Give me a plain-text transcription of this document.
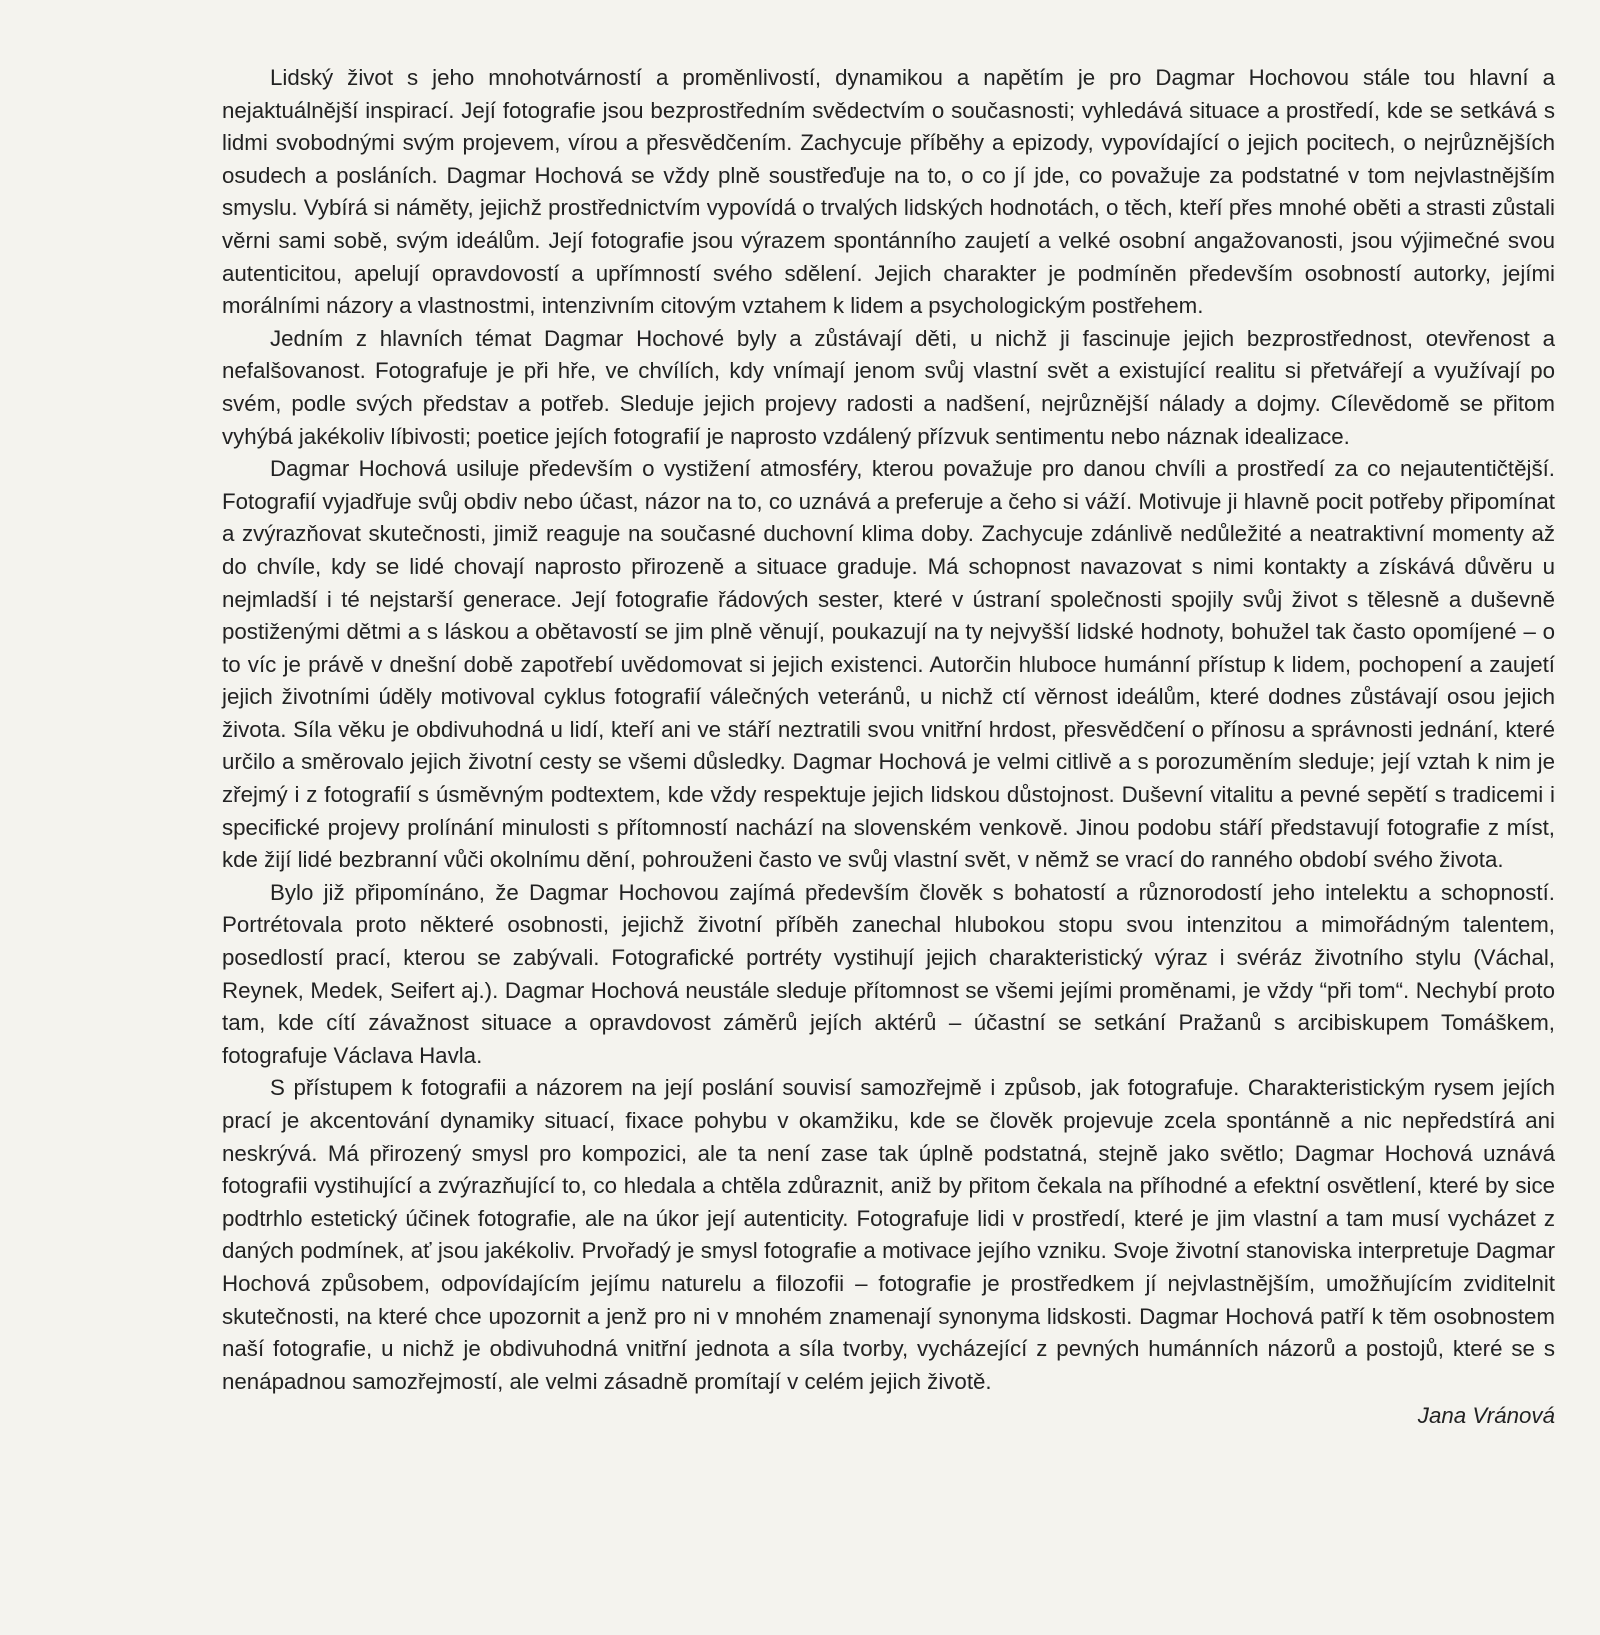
Lidský život s jeho mnohotvárností a proměnlivostí, dynamikou a napětím je pro Dagmar Hochovou stále tou hlavní a nejaktuálnější inspirací. Její fotografie jsou bezprostředním svědectvím o současnosti; vyhledává situace a prostředí, kde se setkává s lidmi svobodnými svým projevem, vírou a přesvědčením. Zachycuje příběhy a epizody, vypovídající o jejich pocitech, o nejrůznějších osudech a posláních. Dagmar Hochová se vždy plně soustřeďuje na to, o co jí jde, co považuje za podstatné v tom nejvlastnějším smyslu. Vybírá si náměty, jejichž prostřednictvím vypovídá o trvalých lidských hodnotách, o těch, kteří přes mnohé oběti a strasti zůstali věrni sami sobě, svým ideálům. Její fotografie jsou výrazem spontánního zaujetí a velké osobní angažovanosti, jsou výjimečné svou autenticitou, apelují opravdovostí a upřímností svého sdělení. Jejich charakter je podmíněn především osobností autorky, jejími morálními názory a vlastnostmi, intenzivním citovým vztahem k lidem a psychologickým postřehem.

Jedním z hlavních témat Dagmar Hochové byly a zůstávají děti, u nichž ji fascinuje jejich bezprostřednost, otevřenost a nefalšovanost. Fotografuje je při hře, ve chvílích, kdy vnímají jenom svůj vlastní svět a existující realitu si přetvářejí a využívají po svém, podle svých představ a potřeb. Sleduje jejich projevy radosti a nadšení, nejrůznější nálady a dojmy. Cílevědomě se přitom vyhýbá jakékoliv líbivosti; poetice jejích fotografií je naprosto vzdálený přízvuk sentimentu nebo náznak idealizace.

Dagmar Hochová usiluje především o vystižení atmosféry, kterou považuje pro danou chvíli a prostředí za co nejautentičtější. Fotografií vyjadřuje svůj obdiv nebo účast, názor na to, co uznává a preferuje a čeho si váží. Motivuje ji hlavně pocit potřeby připomínat a zvýrazňovat skutečnosti, jimiž reaguje na současné duchovní klima doby. Zachycuje zdánlivě nedůležité a neatraktivní momenty až do chvíle, kdy se lidé chovají naprosto přirozeně a situace graduje. Má schopnost navazovat s nimi kontakty a získává důvěru u nejmladší i té nejstarší generace. Její fotografie řádových sester, které v ústraní společnosti spojily svůj život s tělesně a duševně postiženými dětmi a s láskou a obětavostí se jim plně věnují, poukazují na ty nejvyšší lidské hodnoty, bohužel tak často opomíjené – o to víc je právě v dnešní době zapotřebí uvědomovat si jejich existenci. Autorčin hluboce humánní přístup k lidem, pochopení a zaujetí jejich životními úděly motivoval cyklus fotografií válečných veteránů, u nichž ctí věrnost ideálům, které dodnes zůstávají osou jejich života. Síla věku je obdivuhodná u lidí, kteří ani ve stáří neztratili svou vnitřní hrdost, přesvědčení o přínosu a správnosti jednání, které určilo a směrovalo jejich životní cesty se všemi důsledky. Dagmar Hochová je velmi citlivě a s porozuměním sleduje; její vztah k nim je zřejmý i z fotografií s úsměvným podtextem, kde vždy respektuje jejich lidskou důstojnost. Duševní vitalitu a pevné sepětí s tradicemi i specifické projevy prolínání minulosti s přítomností nachází na slovenském venkově. Jinou podobu stáří představují fotografie z míst, kde žijí lidé bezbranní vůči okolnímu dění, pohrouženi často ve svůj vlastní svět, v němž se vrací do ranného období svého života.

Bylo již připomínáno, že Dagmar Hochovou zajímá především člověk s bohatostí a různorodostí jeho intelektu a schopností. Portrétovala proto některé osobnosti, jejichž životní příběh zanechal hlubokou stopu svou intenzitou a mimořádným talentem, posedlostí prací, kterou se zabývali. Fotografické portréty vystihují jejich charakteristický výraz i svéráz životního stylu (Váchal, Reynek, Medek, Seifert aj.). Dagmar Hochová neustále sleduje přítomnost se všemi jejími proměnami, je vždy “při tom“. Nechybí proto tam, kde cítí závažnost situace a opravdovost záměrů jejích aktérů – účastní se setkání Pražanů s arcibiskupem Tomáškem, fotografuje Václava Havla.

S přístupem k fotografii a názorem na její poslání souvisí samozřejmě i způsob, jak fotografuje. Charakteristickým rysem jejích prací je akcentování dynamiky situací, fixace pohybu v okamžiku, kde se člověk projevuje zcela spontánně a nic nepředstírá ani neskrývá. Má přirozený smysl pro kompozici, ale ta není zase tak úplně podstatná, stejně jako světlo; Dagmar Hochová uznává fotografii vystihující a zvýrazňující to, co hledala a chtěla zdůraznit, aniž by přitom čekala na příhodné a efektní osvětlení, které by sice podtrhlo estetický účinek fotografie, ale na úkor její autenticity. Fotografuje lidi v prostředí, které je jim vlastní a tam musí vycházet z daných podmínek, ať jsou jakékoliv. Prvořadý je smysl fotografie a motivace jejího vzniku. Svoje životní stanoviska interpretuje Dagmar Hochová způsobem, odpovídajícím jejímu naturelu a filozofii – fotografie je prostředkem jí nejvlastnějším, umožňujícím zviditelnit skutečnosti, na které chce upozornit a jenž pro ni v mnohém znamenají synonyma lidskosti. Dagmar Hochová patří k těm osobnostem naší fotografie, u nichž je obdivuhodná vnitřní jednota a síla tvorby, vycházející z pevných humánních názorů a postojů, které se s nenápadnou samozřejmostí, ale velmi zásadně promítají v celém jejich životě.

Jana Vránová
